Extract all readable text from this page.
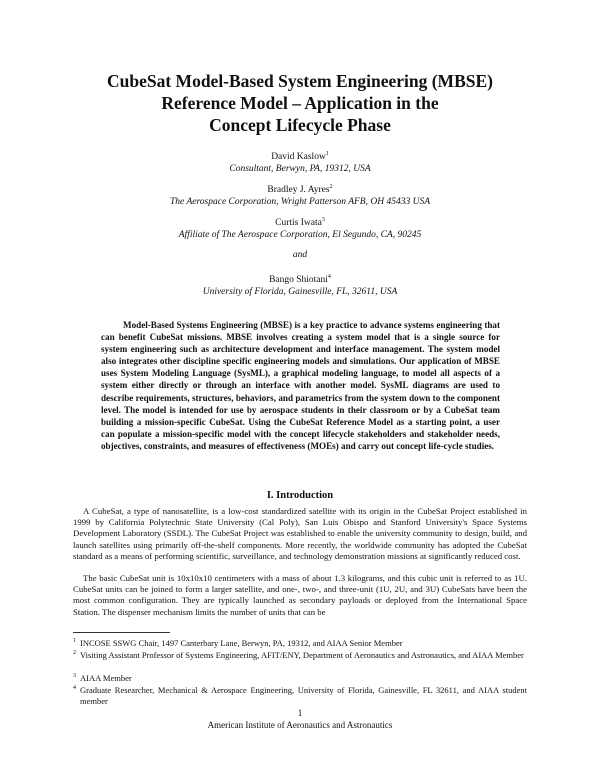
CubeSat Model-Based System Engineering (MBSE)
Reference Model – Application in the
Concept Lifecycle Phase
David Kaslow$^1$
Consultant, Berwyn, PA, 19312, USA
Bradley J. Ayres$^2$
The Aerospace Corporation, Wright Patterson AFB, OH 45433 USA
Curtis Iwata$^3$
Affiliate of The Aerospace Corporation, El Segundo, CA, 90245
and
Bango Shiotani$^4$
University of Florida, Gainesville, FL, 32611, USA

Model-Based Systems Engineering (MBSE) is a key practice to advance systems engineering that can benefit CubeSat missions. MBSE involves creating a system model that is a single source for system engineering such as architecture development and interface management. The system model also integrates other discipline specific engineering models and simulations. Our application of MBSE uses System Modeling Language (SysML), a graphical modeling language, to model all aspects of a system either directly or through an interface with another model. SysML diagrams are used to describe requirements, structures, behaviors, and parametrics from the system down to the component level. The model is intended for use by aerospace students in their classroom or by a CubeSat team building a mission-specific CubeSat. Using the CubeSat Reference Model as a starting point, a user can populate a mission-specific model with the concept lifecycle stakeholders and stakeholder needs, objectives, constraints, and measures of effectiveness (MOEs) and carry out concept life-cycle studies.

I. Introduction

A CubeSat, a type of nanosatellite, is a low-cost standardized satellite with its origin in the CubeSat Project established in 1999 by California Polytechnic State University (Cal Poly), San Luis Obispo and Stanford University's Space Systems Development Laboratory (SSDL). The CubeSat Project was established to enable the university community to design, build, and launch satellites using primarily off-the-shelf components. More recently, the worldwide community has adopted the CubeSat standard as a means of performing scientific, surveillance, and technology demonstration missions at significantly reduced cost.

The basic CubeSat unit is 10x10x10 centimeters with a mass of about 1.3 kilograms, and this cubic unit is referred to as 1U. CubeSat units can be joined to form a larger satellite, and one-, two-, and three-unit (1U, 2U, and 3U) CubeSats have been the most common configuration. They are typically launched as secondary payloads or deployed from the International Space Station. The dispenser mechanism limits the number of units that can be

1 INCOSE SSWG Chair, 1497 Canterbary Lane, Berwyn, PA, 19312, and AIAA Senior Member
2 Visiting Assistant Professor of Systems Engineering, AFIT/ENY, Department of Aeronautics and Astronautics, and AIAA Member
3 AIAA Member
4 Graduate Researcher, Mechanical & Aerospace Engineering, University of Florida, Gainesville, FL 32611, and AIAA student member
1
American Institute of Aeronautics and Astronautics
